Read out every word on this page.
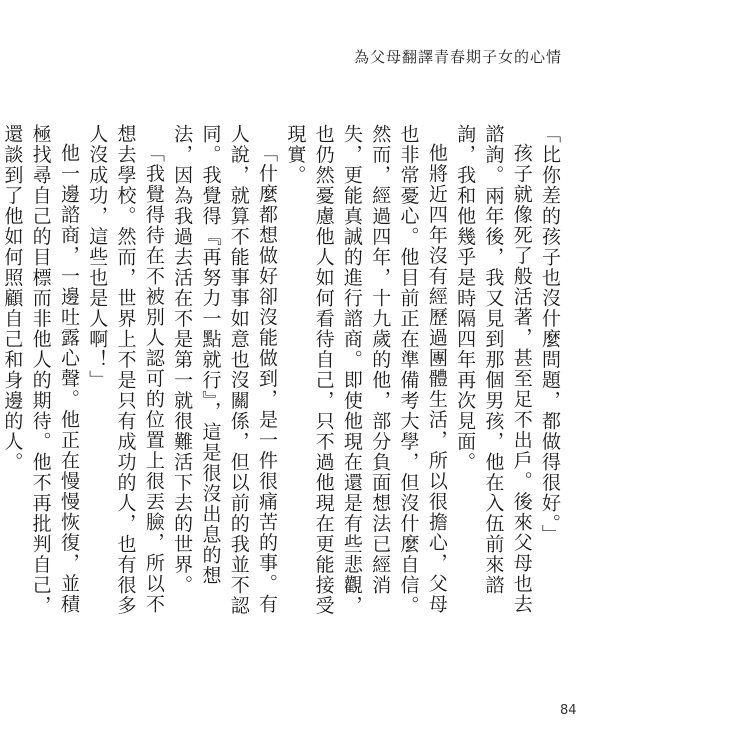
為父母翻譯青春期子女的心情

「比你差的孩子也沒什麼問題，都做得很好。」

孩子就像死了般活著，甚至足不出戶。後來父母也去諮詢。兩年後，我又見到那個男孩，他在入伍前來諮詢，我和他幾乎是時隔四年再次見面。

他將近四年沒有經歷過團體生活，所以很擔心，父母也非常憂心。他目前正在準備考大學，但沒什麼自信。然而，經過四年，十九歲的他，部分負面想法已經消失，更能真誠的進行諮商。即使他現在還是有些悲觀，也仍然憂慮他人如何看待自己，只不過他現在更能接受現實。

「什麼都想做好卻沒能做到，是一件很痛苦的事。有人說，就算不能事事如意也沒關係，但以前的我並不認同。我覺得『再努力一點就行』，這是很沒出息的想法，因為我過去活在不是第一就很難活下去的世界。

「我覺得待在不被別人認可的位置上很丟臉，所以不想去學校。然而，世界上不是只有成功的人，也有很多人沒成功，這些也是人啊！」

他一邊諮商，一邊吐露心聲。他正在慢慢恢復，並積極找尋自己的目標而非他人的期待。他不再批判自己，還談到了他如何照顧自己和身邊的人。

84
